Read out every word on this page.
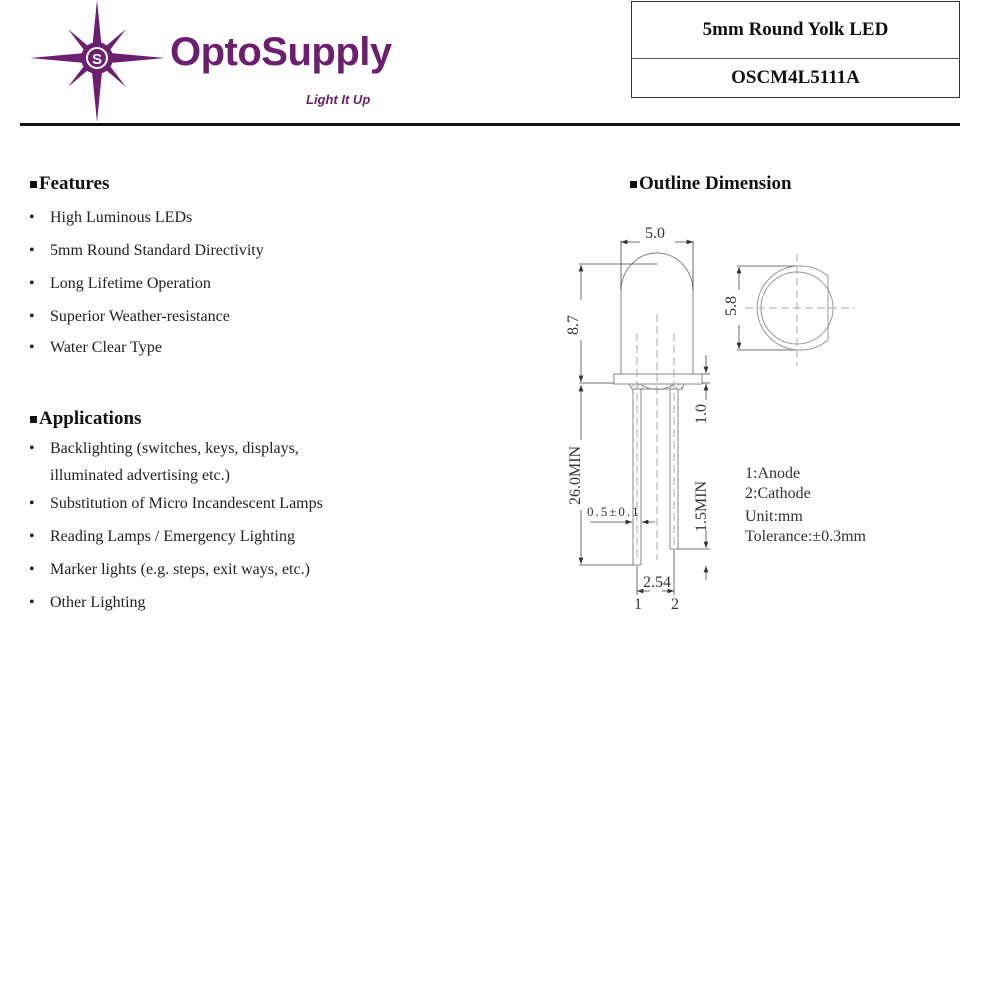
S OptoSupply
Light It Up
5mm Round Yolk LED
OSCM4L5111A
Features
• High Luminous LEDs
• 5mm Round Standard Directivity
• Long Lifetime Operation
• Superior Weather-resistance
• Water Clear Type
Applications
• Backlighting (switches, keys, displays,
illuminated advertising etc.)
• Substitution of Micro Incandescent Lamps
• Reading Lamps / Emergency Lighting
• Marker lights (e.g. steps, exit ways, etc.)
• Other Lighting
Outline Dimension
5.0
8.7
5.8
1.0
26.0MIN
1.5MIN
2.54
0.5±0.1
1 2
1:Anode
2:Cathode
Unit:mm
Tolerance:±0.3mm
